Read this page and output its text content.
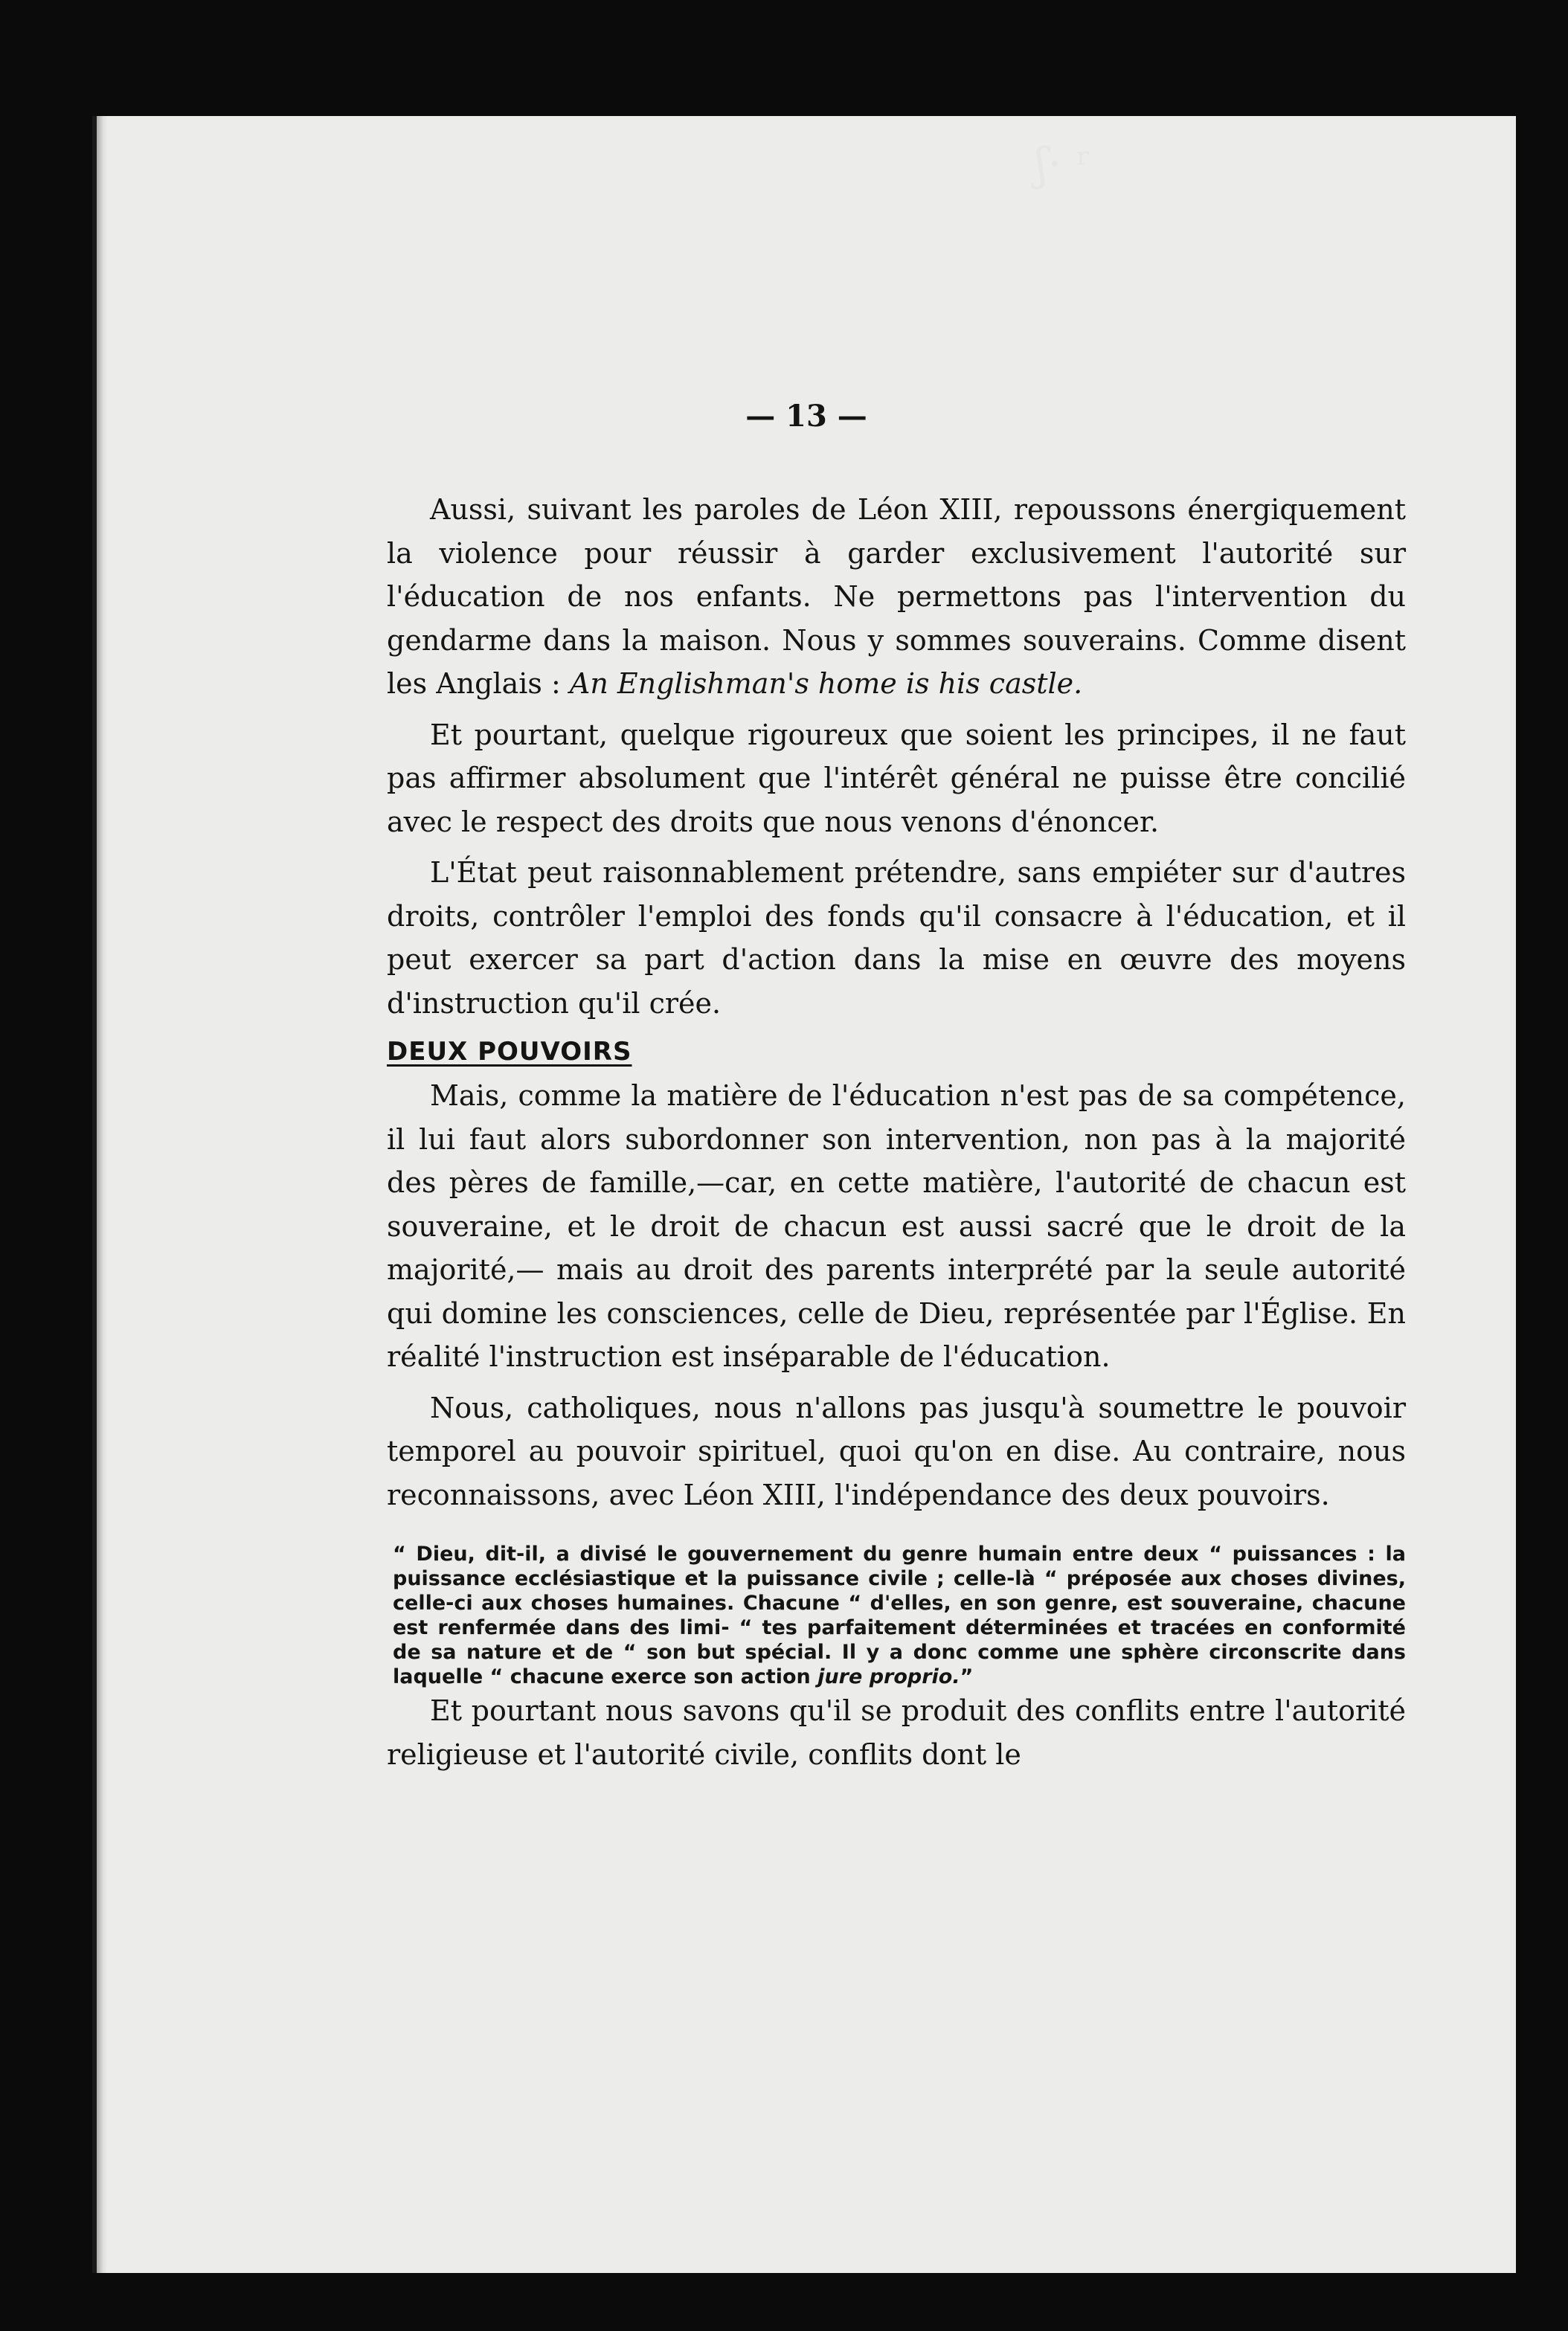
ʃ· ʳ
— 13 —

Aussi, suivant les paroles de Léon XIII, repoussons énergiquement la violence pour réussir à garder exclusivement l'autorité sur l'éducation de nos enfants. Ne permettons pas l'intervention du gendarme dans la maison. Nous y sommes souverains. Comme disent les Anglais : An Englishman's home is his castle.

Et pourtant, quelque rigoureux que soient les principes, il ne faut pas affirmer absolument que l'intérêt général ne puisse être concilié avec le respect des droits que nous venons d'énoncer.

L'État peut raisonnablement prétendre, sans empiéter sur d'autres droits, contrôler l'emploi des fonds qu'il consacre à l'éducation, et il peut exercer sa part d'action dans la mise en œuvre des moyens d'instruction qu'il crée.

DEUX POUVOIRS

Mais, comme la matière de l'éducation n'est pas de sa compétence, il lui faut alors subordonner son intervention, non pas à la majorité des pères de famille,—car, en cette matière, l'autorité de chacun est souveraine, et le droit de chacun est aussi sacré que le droit de la majorité,— mais au droit des parents interprété par la seule autorité qui domine les consciences, celle de Dieu, représentée par l'Église. En réalité l'instruction est inséparable de l'éducation.

Nous, catholiques, nous n'allons pas jusqu'à soumettre le pouvoir temporel au pouvoir spirituel, quoi qu'on en dise. Au contraire, nous reconnaissons, avec Léon XIII, l'indépendance des deux pouvoirs.

“ Dieu, dit-il, a divisé le gouvernement du genre humain entre deux “ puissances : la puissance ecclésiastique et la puissance civile ; celle-là “ préposée aux choses divines, celle-ci aux choses humaines. Chacune “ d'elles, en son genre, est souveraine, chacune est renfermée dans des limi- “ tes parfaitement déterminées et tracées en conformité de sa nature et de “ son but spécial. Il y a donc comme une sphère circonscrite dans laquelle “ chacune exerce son action jure proprio.”

Et pourtant nous savons qu'il se produit des conflits entre l'autorité religieuse et l'autorité civile, conflits dont le
